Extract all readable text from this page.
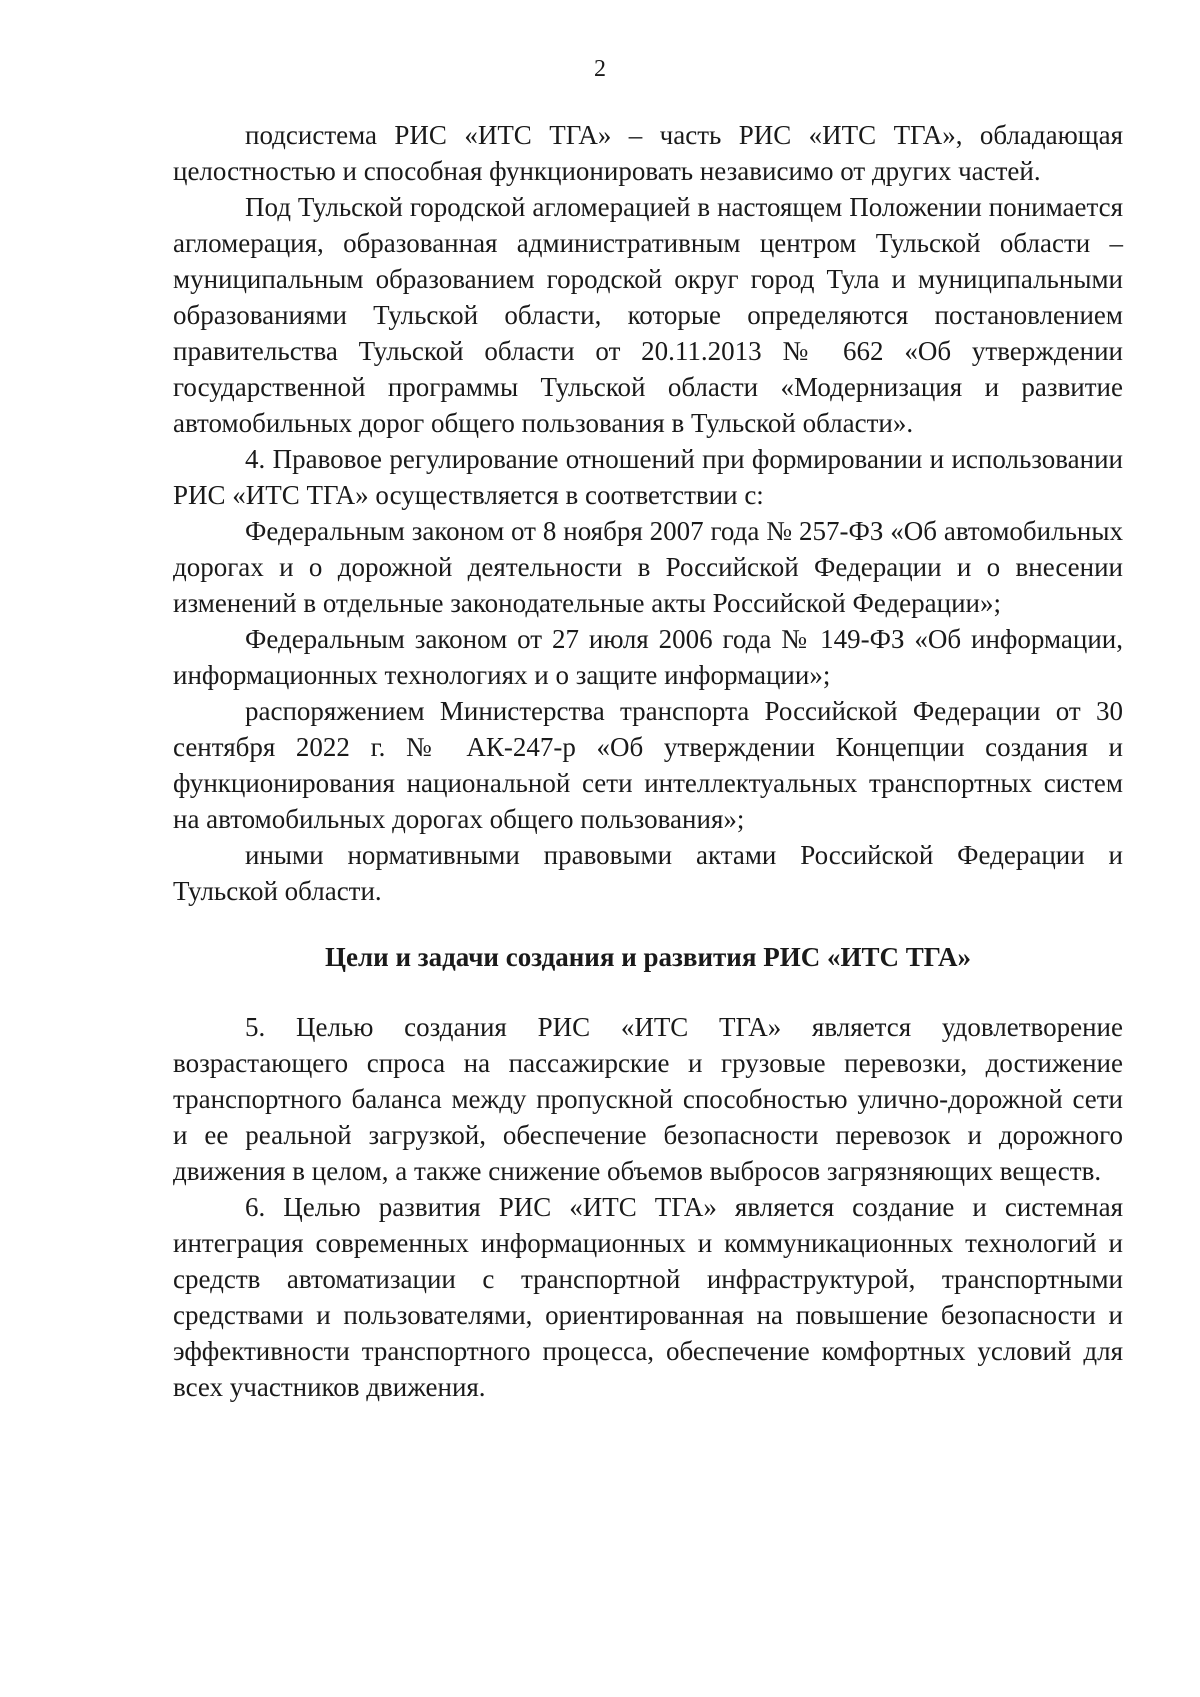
2

подсистема РИС «ИТС ТГА» – часть РИС «ИТС ТГА», обладающая целостностью и способная функционировать независимо от других частей.

Под Тульской городской агломерацией в настоящем Положении понимается агломерация, образованная административным центром Тульской области – муниципальным образованием городской округ город Тула и муниципальными образованиями Тульской области, которые определяются постановлением правительства Тульской области от 20.11.2013 № 662 «Об утверждении государственной программы Тульской области «Модернизация и развитие автомобильных дорог общего пользования в Тульской области».

4. Правовое регулирование отношений при формировании и использовании РИС «ИТС ТГА» осуществляется в соответствии с:

Федеральным законом от 8 ноября 2007 года № 257-ФЗ «Об автомобильных дорогах и о дорожной деятельности в Российской Федерации и о внесении изменений в отдельные законодательные акты Российской Федерации»;

Федеральным законом от 27 июля 2006 года № 149-ФЗ «Об информации, информационных технологиях и о защите информации»;

распоряжением Министерства транспорта Российской Федерации от 30 сентября 2022 г. № АК-247-р «Об утверждении Концепции создания и функционирования национальной сети интеллектуальных транспортных систем на автомобильных дорогах общего пользования»;

иными нормативными правовыми актами Российской Федерации и Тульской области.

Цели и задачи создания и развития РИС «ИТС ТГА»

5. Целью создания РИС «ИТС ТГА» является удовлетворение возрастающего спроса на пассажирские и грузовые перевозки, достижение транспортного баланса между пропускной способностью улично-дорожной сети и ее реальной загрузкой, обеспечение безопасности перевозок и дорожного движения в целом, а также снижение объемов выбросов загрязняющих веществ.

6. Целью развития РИС «ИТС ТГА» является создание и системная интеграция современных информационных и коммуникационных технологий и средств автоматизации с транспортной инфраструктурой, транспортными средствами и пользователями, ориентированная на повышение безопасности и эффективности транспортного процесса, обеспечение комфортных условий для всех участников движения.
